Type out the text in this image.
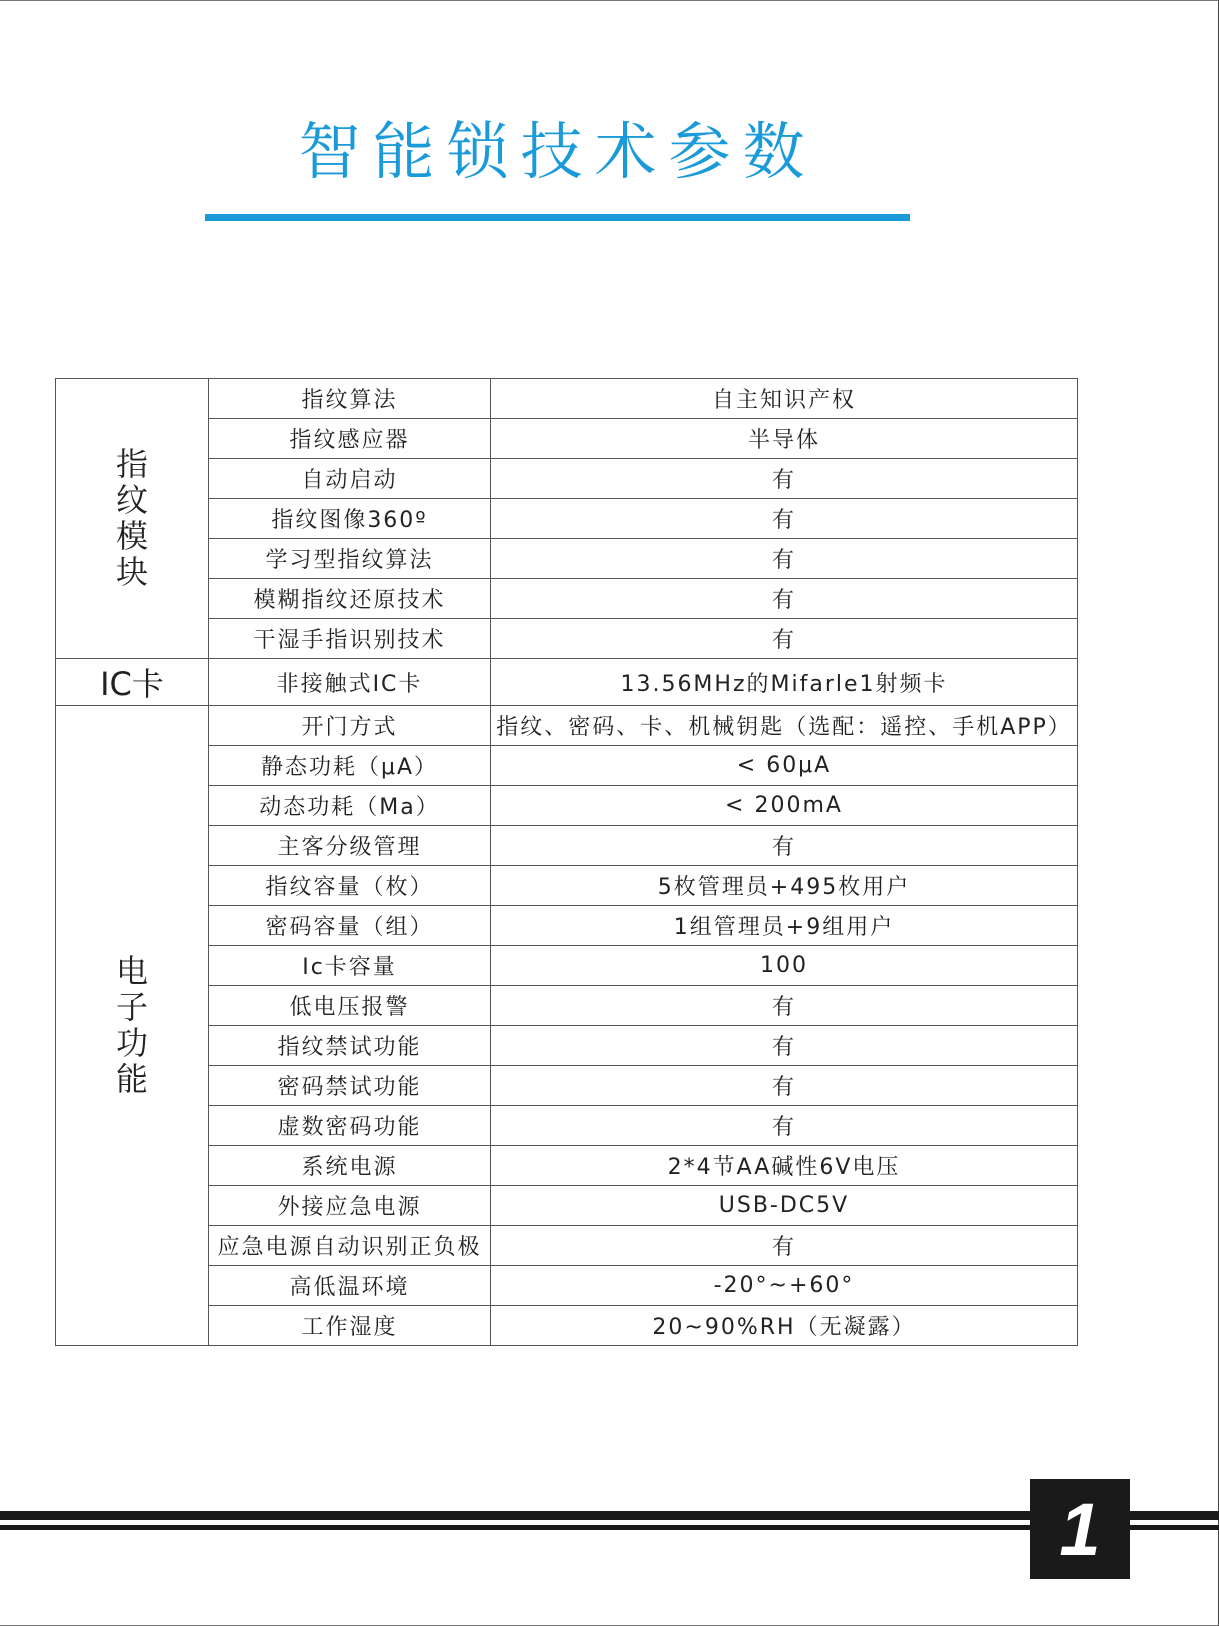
智能锁技术参数
指纹模块	指纹算法	自主知识产权
	指纹感应器	半导体
	自动启动	有
	指纹图像360º	有
	学习型指纹算法	有
	模糊指纹还原技术	有
	干湿手指识别技术	有
IC卡	非接触式IC卡	13.56MHz的Mifarle1射频卡
电子功能	开门方式	指纹、密码、卡、机械钥匙（选配：遥控、手机APP）
	静态功耗（μA）	< 60μA
	动态功耗（Ma）	< 200mA
	主客分级管理	有
	指纹容量（枚）	5枚管理员+495枚用户
	密码容量（组）	1组管理员+9组用户
	Ic卡容量	100
	低电压报警	有
	指纹禁试功能	有
	密码禁试功能	有
	虚数密码功能	有
	系统电源	2*4节AA碱性6V电压
	外接应急电源	USB-DC5V
	应急电源自动识别正负极	有
	高低温环境	-20°~+60°
	工作湿度	20~90%RH（无凝露）
1
